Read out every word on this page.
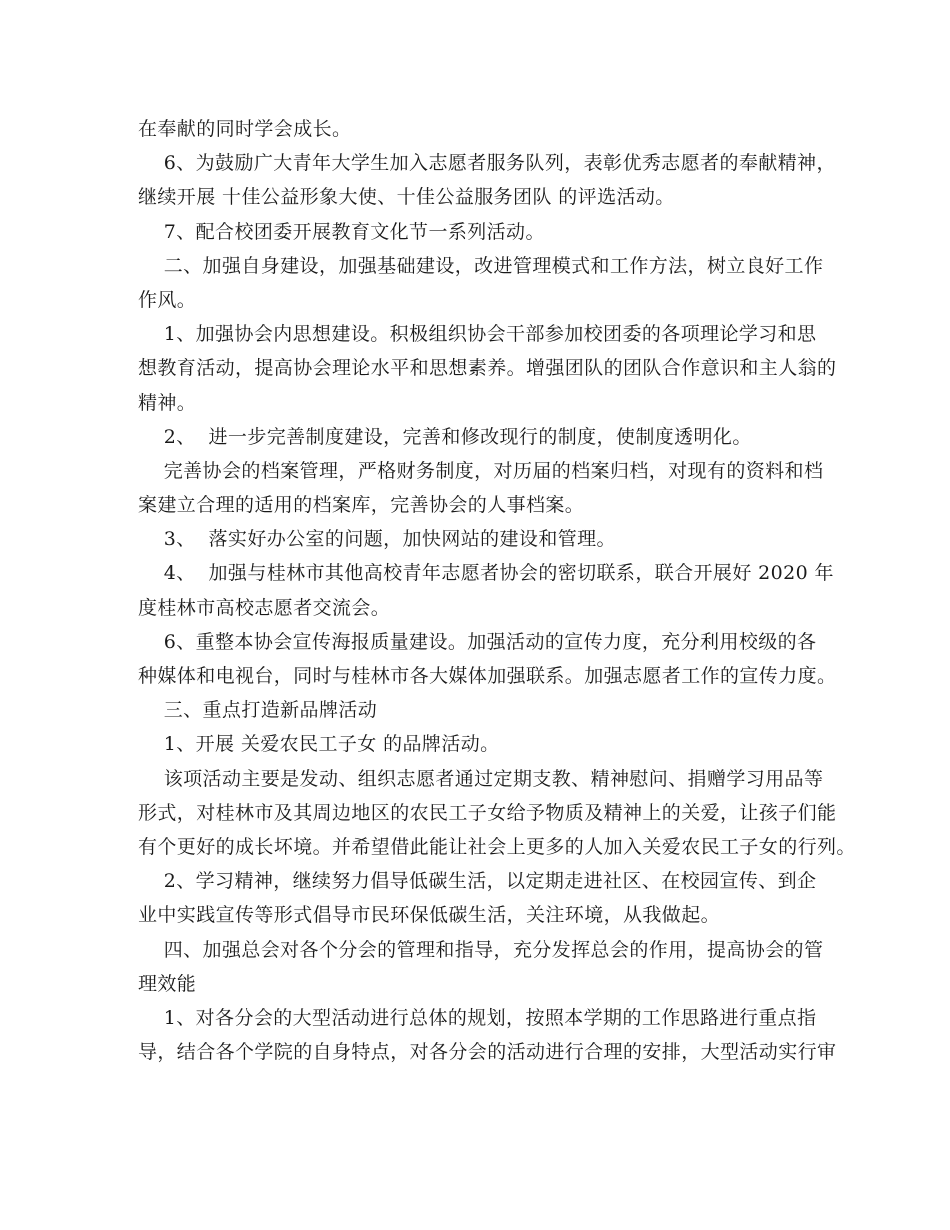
在奉献的同时学会成长。
6、为鼓励广大青年大学生加入志愿者服务队列，表彰优秀志愿者的奉献精神，
继续开展 十佳公益形象大使、十佳公益服务团队 的评选活动。
7、配合校团委开展教育文化节一系列活动。
二、加强自身建设，加强基础建设，改进管理模式和工作方法，树立良好工作
作风。
1、加强协会内思想建设。积极组织协会干部参加校团委的各项理论学习和思
想教育活动，提高协会理论水平和思想素养。增强团队的团队合作意识和主人翁的
精神。
2、  进一步完善制度建设，完善和修改现行的制度，使制度透明化。
完善协会的档案管理，严格财务制度，对历届的档案归档，对现有的资料和档
案建立合理的适用的档案库，完善协会的人事档案。
3、  落实好办公室的问题，加快网站的建设和管理。
4、  加强与桂林市其他高校青年志愿者协会的密切联系，联合开展好 2020 年
度桂林市高校志愿者交流会。
6、重整本协会宣传海报质量建设。加强活动的宣传力度，充分利用校级的各
种媒体和电视台，同时与桂林市各大媒体加强联系。加强志愿者工作的宣传力度。
三、重点打造新品牌活动
1、开展 关爱农民工子女 的品牌活动。
该项活动主要是发动、组织志愿者通过定期支教、精神慰问、捐赠学习用品等
形式，对桂林市及其周边地区的农民工子女给予物质及精神上的关爱，让孩子们能
有个更好的成长坏境。并希望借此能让社会上更多的人加入关爱农民工子女的行列。
2、学习精神，继续努力倡导低碳生活，以定期走进社区、在校园宣传、到企
业中实践宣传等形式倡导市民环保低碳生活，关注环境，从我做起。
四、加强总会对各个分会的管理和指导，充分发挥总会的作用，提高协会的管
理效能
1、对各分会的大型活动进行总体的规划，按照本学期的工作思路进行重点指
导，结合各个学院的自身特点，对各分会的活动进行合理的安排，大型活动实行审
